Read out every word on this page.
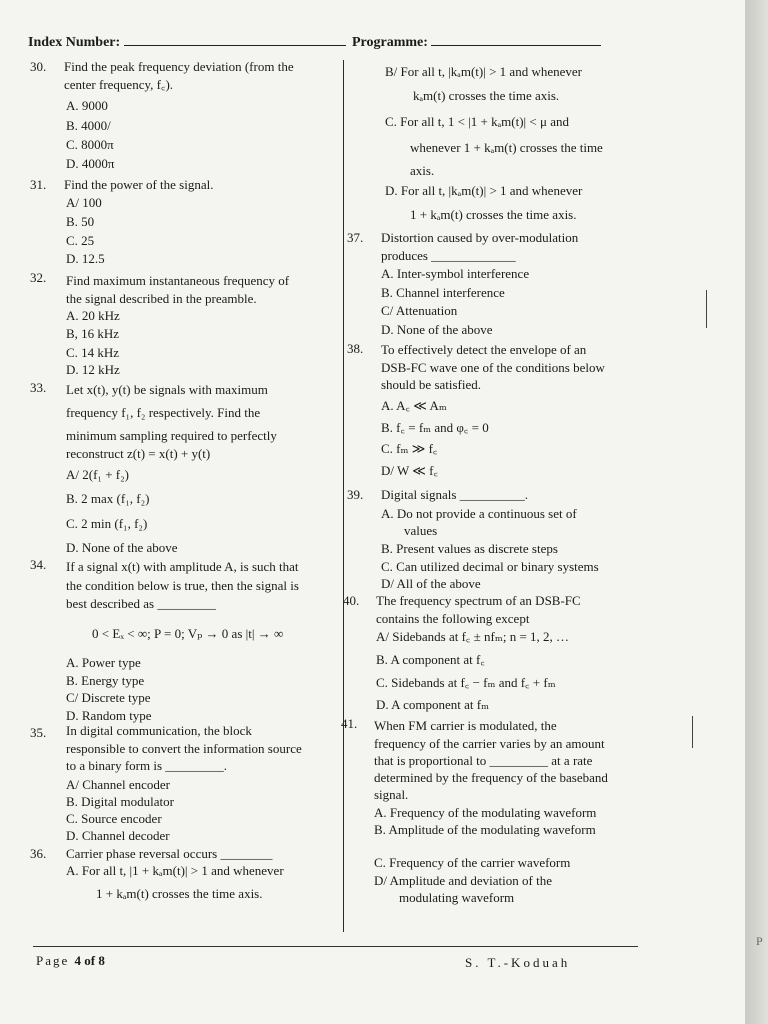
P
Index Number:	Programme:
30. Find the peak frequency deviation (from the
center frequency, f꜀).
A. 9000
B. 4000/
C. 8000π
D. 4000π
31. Find the power of the signal.
A/ 100
B. 50
C. 25
D. 12.5
32. Find maximum instantaneous frequency of
the signal described in the preamble.
A. 20 kHz
B, 16 kHz
C. 14 kHz
D. 12 kHz
33. Let x(t), y(t) be signals with maximum
frequency f₁, f₂ respectively. Find the
minimum sampling required to perfectly
reconstruct z(t) = x(t) + y(t)
A/ 2(f₁ + f₂)
B. 2 max (f₁, f₂)
C. 2 min (f₁, f₂)
D. None of the above
34. If a signal x(t) with amplitude A, is such that
the condition below is true, then the signal is
best described as _________
0 < Eₓ < ∞; P = 0; Vₚ → 0 as |t| → ∞
A. Power type
B. Energy type
C/ Discrete type
D. Random type
35. In digital communication, the block
responsible to convert the information source
to a binary form is _________.
A/ Channel encoder
B. Digital modulator
C. Source encoder
D. Channel decoder
36. Carrier phase reversal occurs ________
A. For all t, |1 + kₐm(t)| > 1 and whenever
1 + kₐm(t) crosses the time axis.
B/ For all t, |kₐm(t)| > 1 and whenever
kₐm(t) crosses the time axis.
C. For all t, 1 < |1 + kₐm(t)| < μ and
whenever 1 + kₐm(t) crosses the time
axis.
D. For all t, |kₐm(t)| > 1 and whenever
1 + kₐm(t) crosses the time axis.
37. Distortion caused by over-modulation
produces _____________
A. Inter-symbol interference
B. Channel interference
C/ Attenuation
D. None of the above
38. To effectively detect the envelope of an
DSB-FC wave one of the conditions below
should be satisfied.
A. A꜀ ≪ Aₘ
B. f꜀ = fₘ and φ꜀ = 0
C. fₘ ≫ f꜀
D/ W ≪ f꜀
39. Digital signals __________.
A. Do not provide a continuous set of
values
B. Present values as discrete steps
C. Can utilized decimal or binary systems
D/ All of the above
40. The frequency spectrum of an DSB-FC
contains the following except
A/ Sidebands at f꜀ ± nfₘ; n = 1, 2, …
B. A component at f꜀
C. Sidebands at f꜀ − fₘ and f꜀ + fₘ
D. A component at fₘ
41. When FM carrier is modulated, the
frequency of the carrier varies by an amount
that is proportional to _________ at a rate
determined by the frequency of the baseband
signal.
A. Frequency of the modulating waveform
B. Amplitude of the modulating waveform
C. Frequency of the carrier waveform
D/ Amplitude and deviation of the
modulating waveform
Page 4 of 8	S. T.-Koduah
